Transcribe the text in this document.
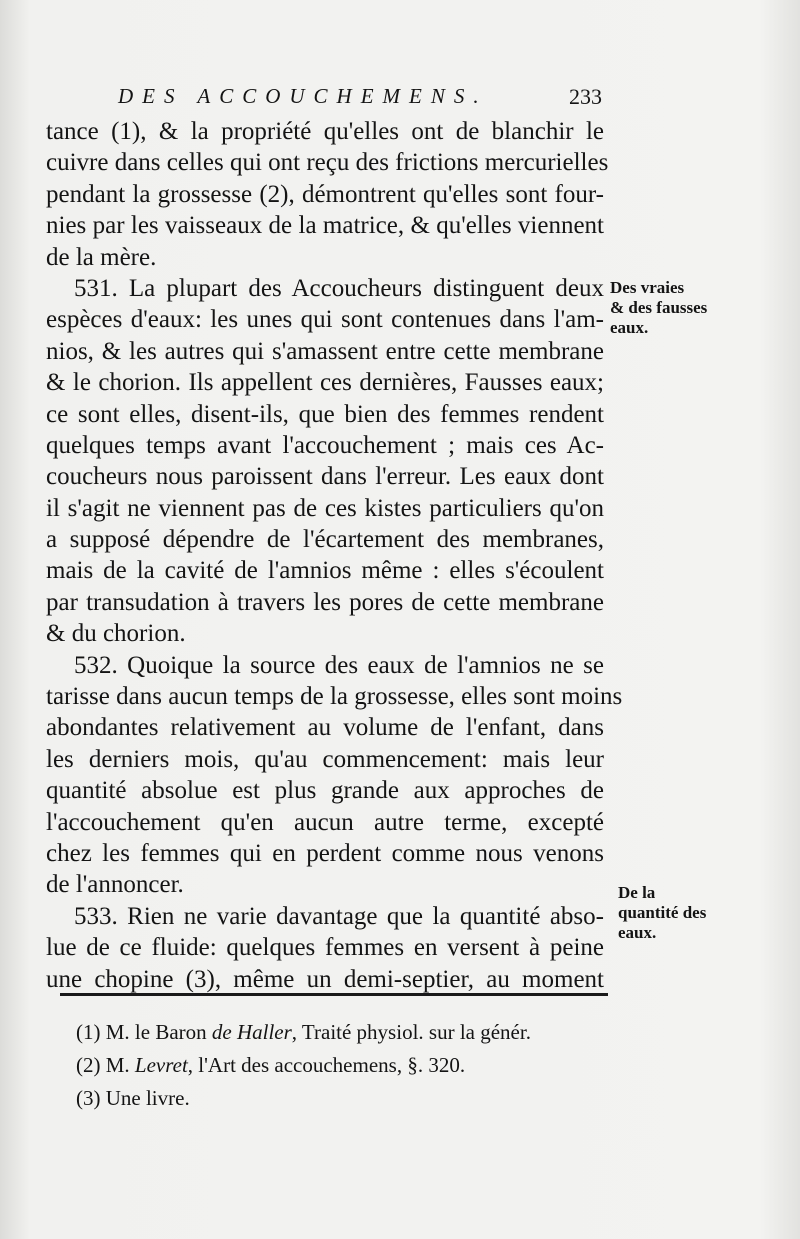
DES ACCOUCHEMENS.	233
tance (1), & la propriété qu'elles ont de blanchir le
cuivre dans celles qui ont reçu des frictions mercurielles
pendant la grossesse (2), démontrent qu'elles sont four-
nies par les vaisseaux de la matrice, & qu'elles viennent
de la mère.
531. La plupart des Accoucheurs distinguent deux
espèces d'eaux: les unes qui sont contenues dans l'am-
nios, & les autres qui s'amassent entre cette membrane
& le chorion. Ils appellent ces dernières, Fausses eaux;
ce sont elles, disent-ils, que bien des femmes rendent
quelques temps avant l'accouchement ; mais ces Ac-
coucheurs nous paroissent dans l'erreur. Les eaux dont
il s'agit ne viennent pas de ces kistes particuliers qu'on
a supposé dépendre de l'écartement des membranes,
mais de la cavité de l'amnios même : elles s'écoulent
par transudation à travers les pores de cette membrane
& du chorion.
532. Quoique la source des eaux de l'amnios ne se
tarisse dans aucun temps de la grossesse, elles sont moins
abondantes relativement au volume de l'enfant, dans
les derniers mois, qu'au commencement: mais leur
quantité absolue est plus grande aux approches de
l'accouchement qu'en aucun autre terme, excepté
chez les femmes qui en perdent comme nous venons
de l'annoncer.
533. Rien ne varie davantage que la quantité abso-
lue de ce fluide: quelques femmes en versent à peine
une chopine (3), même un demi-septier, au moment
Des vraies
& des fausses
eaux.
De la
quantité des
eaux.
(1) M. le Baron de Haller, Traité physiol. sur la génér.
(2) M. Levret, l'Art des accouchemens, §. 320.
(3) Une livre.
